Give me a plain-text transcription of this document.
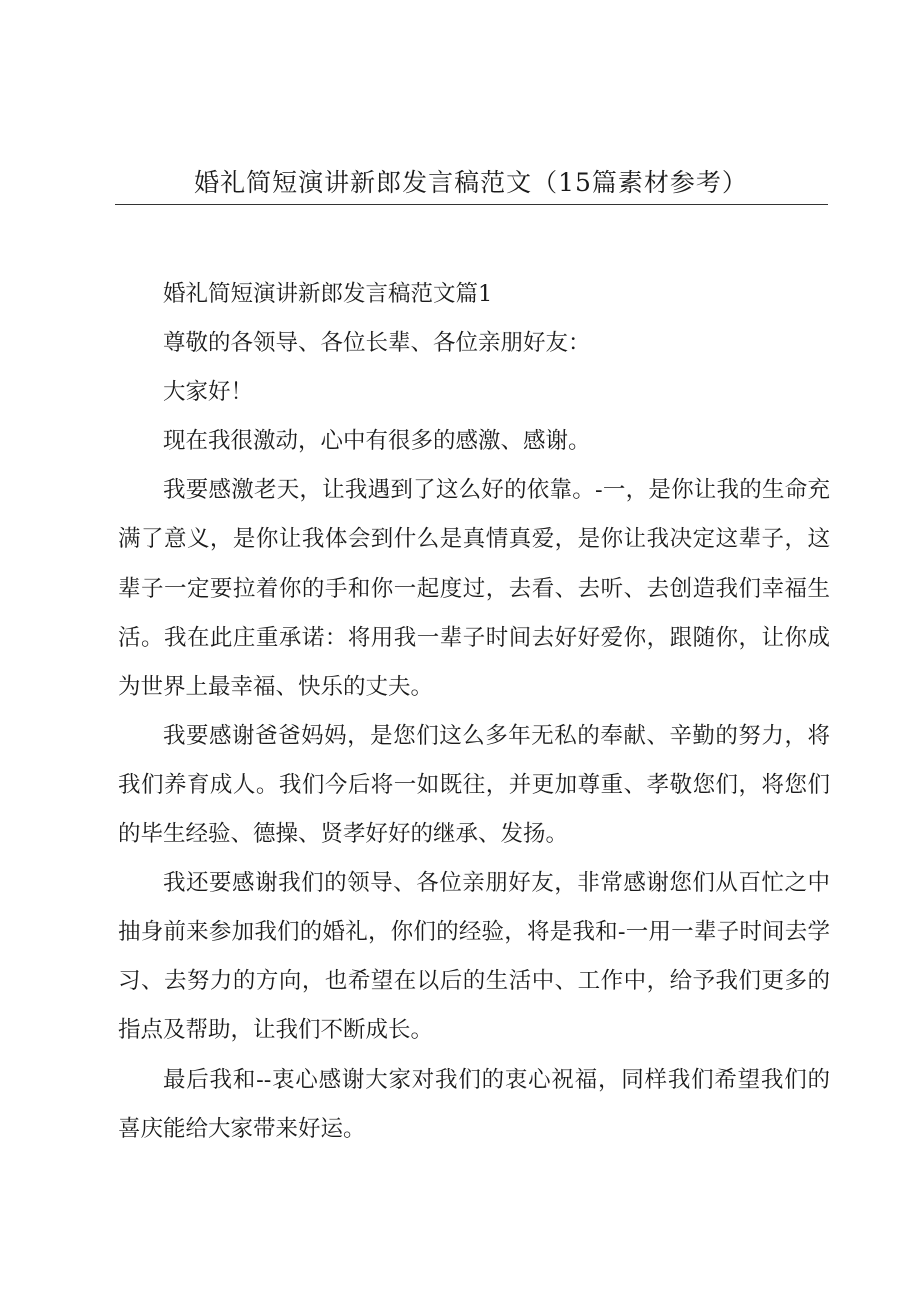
婚礼简短演讲新郎发言稿范文（15篇素材参考）

婚礼简短演讲新郎发言稿范文篇1

尊敬的各领导、各位长辈、各位亲朋好友：

大家好！

现在我很激动，心中有很多的感激、感谢。

我要感激老天，让我遇到了这么好的依靠。-一，是你让我的生命充满了意义，是你让我体会到什么是真情真爱，是你让我决定这辈子，这辈子一定要拉着你的手和你一起度过，去看、去听、去创造我们幸福生活。我在此庄重承诺：将用我一辈子时间去好好爱你，跟随你，让你成为世界上最幸福、快乐的丈夫。

我要感谢爸爸妈妈，是您们这么多年无私的奉献、辛勤的努力，将我们养育成人。我们今后将一如既往，并更加尊重、孝敬您们，将您们的毕生经验、德操、贤孝好好的继承、发扬。

我还要感谢我们的领导、各位亲朋好友，非常感谢您们从百忙之中抽身前来参加我们的婚礼，你们的经验，将是我和-一用一辈子时间去学习、去努力的方向，也希望在以后的生活中、工作中，给予我们更多的指点及帮助，让我们不断成长。

最后我和--衷心感谢大家对我们的衷心祝福，同样我们希望我们的喜庆能给大家带来好运。
